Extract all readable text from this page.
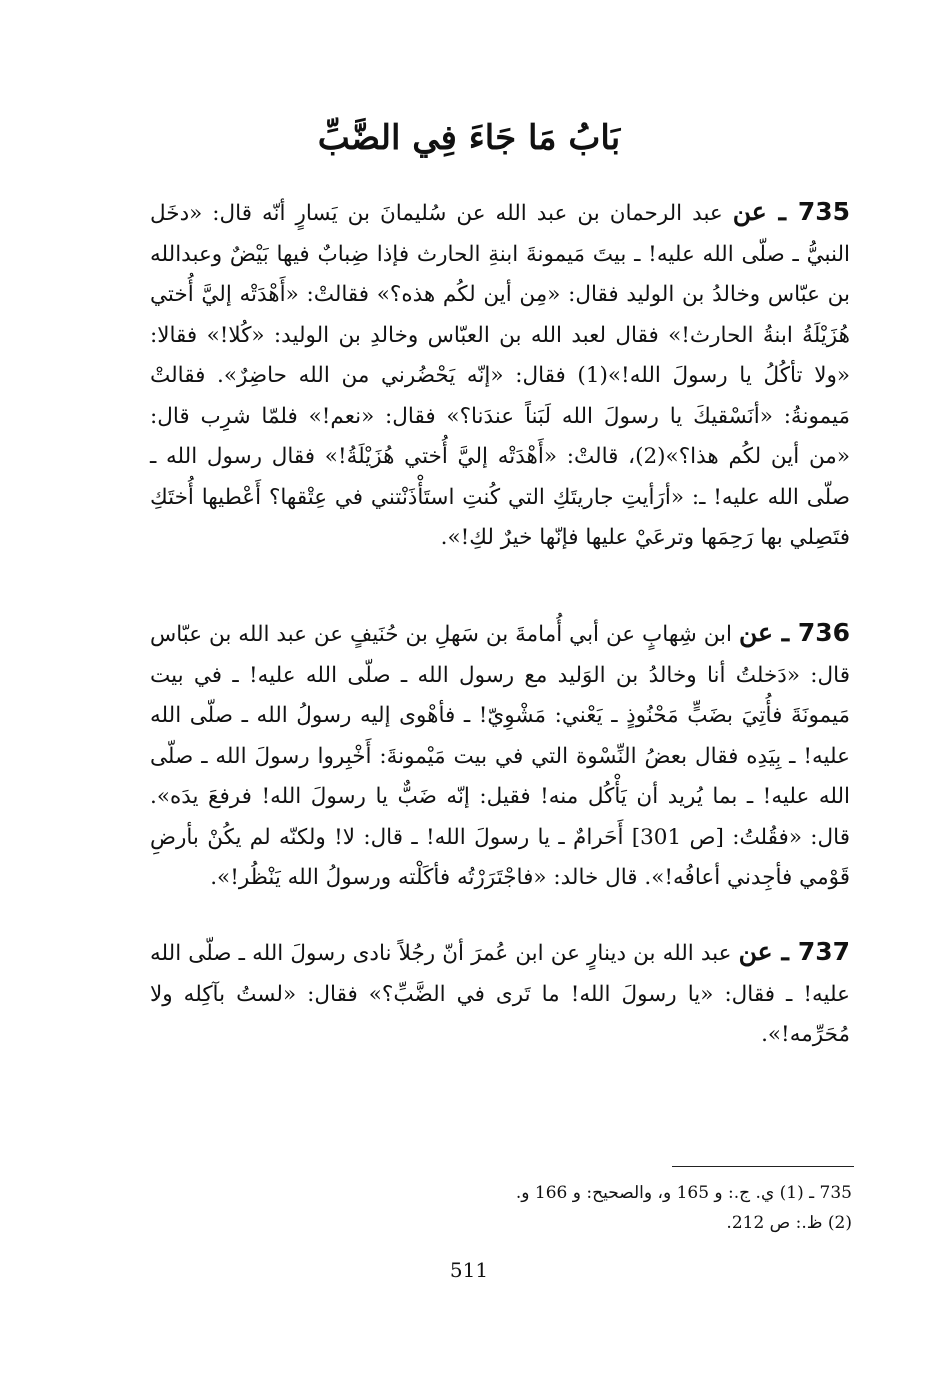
بَابُ مَا جَاءَ فِي الضَّبِّ

735 ـ عن عبد الرحمان بن عبد الله عن سُليمانَ بن يَسارٍ أنّه قال: «دخَل النبيُّ ـ صلّى الله عليه! ـ بيتَ مَيمونةَ ابنةِ الحارث فإذا ضِبابٌ فيها بَيْضٌ وعبدالله بن عبّاس وخالدُ بن الوليد فقال: «مِن أين لكُم هذه؟» فقالتْ: «أَهْدَتْه إليَّ أُختي هُزَيْلَةُ ابنةُ الحارث!» فقال لعبد الله بن العبّاس وخالدِ بن الوليد: «كُلا!» فقالا: «ولا تأكُلُ يا رسولَ الله!»(1) فقال: «إنّه يَحْضُرني من الله حاضِرٌ». فقالتْ مَيمونةُ: «أنَسْقيكَ يا رسولَ الله لَبَناً عندَنا؟» فقال: «نعم!» فلمّا شرِب قال: «من أين لكُم هذا؟»(2)، قالتْ: «أَهْدَتْه إليَّ أُختي هُزَيْلَةُ!» فقال رسول الله ـ صلّى الله عليه! ـ: «أرَأيتِ جاريتَكِ التي كُنتِ استَأْذَنْتني في عِتْقها؟ أَعْطيها أُختَكِ فتَصِلي بها رَحِمَها وترعَيْ عليها فإنّها خيرٌ لكِ!».

736 ـ عن ابن شِهابٍ عن أبي أُمامةَ بن سَهلِ بن حُنَيفٍ عن عبد الله بن عبّاس قال: «دَخلتُ أنا وخالدُ بن الوَليد مع رسول الله ـ صلّى الله عليه! ـ في بيت مَيمونَةَ فأُتِيَ بضَبٍّ مَحْنُوذٍ ـ يَعْني: مَشْوِيّ! ـ فأهْوى إليه رسولُ الله ـ صلّى الله عليه! ـ بِيَدِه فقال بعضُ النِّسْوة التي في بيت مَيْمونةَ: أَخْبِروا رسولَ الله ـ صلّى الله عليه! ـ بما يُريد أن يَأْكُل منه! فقيل: إنّه ضَبٌّ يا رسولَ الله! فرفعَ يدَه». قال: «فقُلتُ: [ص 301] أَحَرامٌ ـ يا رسولَ الله! ـ قال: لا! ولكنّه لم يكُنْ بأرضِ قَوْمي فأجِدني أعافُه!». قال خالد: «فاجْتَرَرْتُه فأكَلْته ورسولُ الله يَنْظُر!».

737 ـ عن عبد الله بن دينارٍ عن ابن عُمرَ أنّ رجُلاً نادى رسولَ الله ـ صلّى الله عليه! ـ فقال: «يا رسولَ الله! ما تَرى في الضَّبِّ؟» فقال: «لستُ بآكِله ولا مُحَرِّمه!».

735 ـ (1) ي. ج.: و 165 و، والصحيح: و 166 و.

(2) ظ.: ص 212.

511
